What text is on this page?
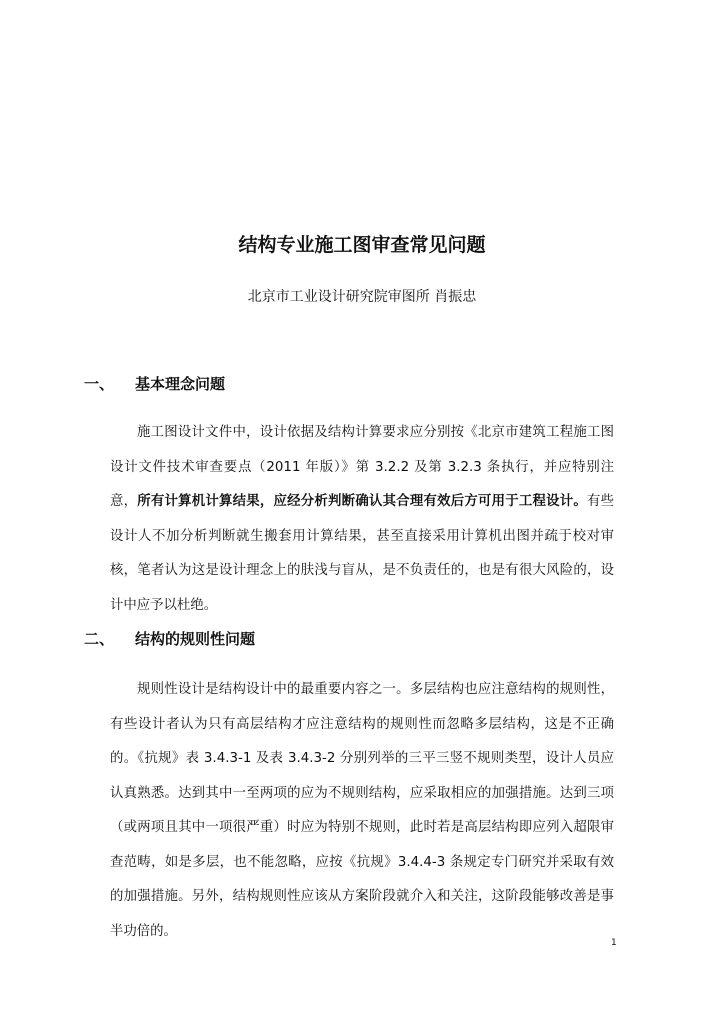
结构专业施工图审查常见问题
北京市工业设计研究院审图所 肖振忠
一、 基本理念问题
施工图设计文件中，设计依据及结构计算要求应分别按《北京市建筑工程施工图设计文件技术审查要点（2011 年版）》第 3.2.2 及第 3.2.3 条执行，并应特别注意，所有计算机计算结果，应经分析判断确认其合理有效后方可用于工程设计。有些设计人不加分析判断就生搬套用计算结果，甚至直接采用计算机出图并疏于校对审核，笔者认为这是设计理念上的肤浅与盲从，是不负责任的，也是有很大风险的，设计中应予以杜绝。
二、 结构的规则性问题
规则性设计是结构设计中的最重要内容之一。多层结构也应注意结构的规则性，有些设计者认为只有高层结构才应注意结构的规则性而忽略多层结构，这是不正确的。《抗规》表 3.4.3-1 及表 3.4.3-2 分别列举的三平三竖不规则类型，设计人员应认真熟悉。达到其中一至两项的应为不规则结构，应采取相应的加强措施。达到三项（或两项且其中一项很严重）时应为特别不规则，此时若是高层结构即应列入超限审查范畴，如是多层，也不能忽略，应按《抗规》3.4.4-3 条规定专门研究并采取有效的加强措施。另外，结构规则性应该从方案阶段就介入和关注，这阶段能够改善是事半功倍的。
1
